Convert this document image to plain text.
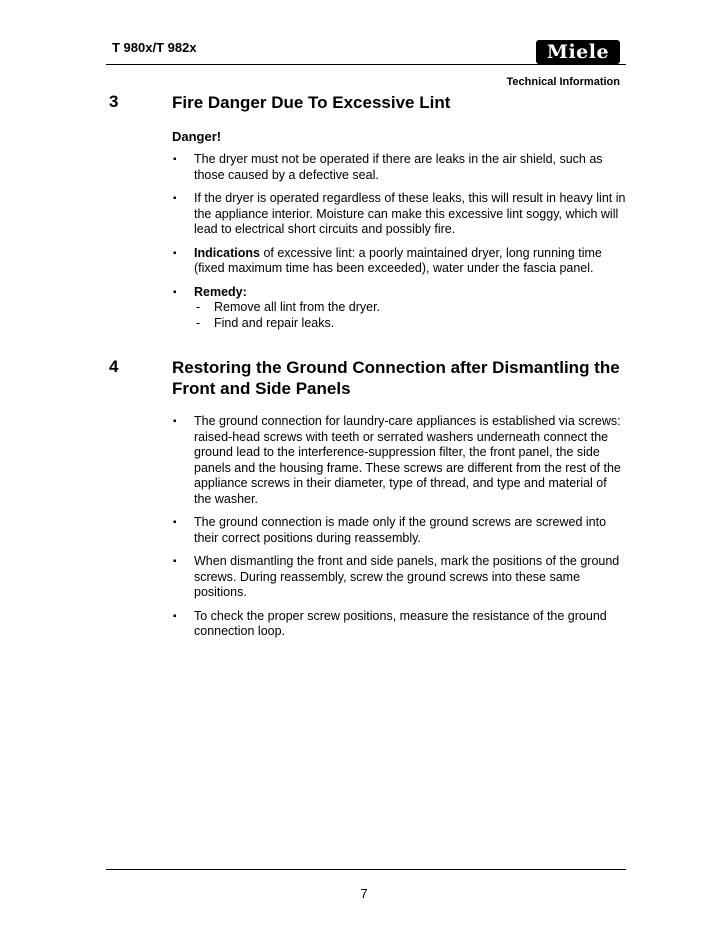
T 980x/T 982x	Miele
Technical Information
3	Fire Danger Due To Excessive Lint
Danger!
▪ The dryer must not be operated if there are leaks in the air shield, such as those caused by a defective seal.
▪ If the dryer is operated regardless of these leaks, this will result in heavy lint in the appliance interior. Moisture can make this excessive lint soggy, which will lead to electrical short circuits and possibly fire.
▪ Indications of excessive lint: a poorly maintained dryer, long running time (fixed maximum time has been exceeded), water under the fascia panel.
▪ Remedy:
- Remove all lint from the dryer.
- Find and repair leaks.
4	Restoring the Ground Connection after Dismantling the
Front and Side Panels
▪ The ground connection for laundry-care appliances is established via screws: raised-head screws with teeth or serrated washers underneath connect the ground lead to the interference-suppression filter, the front panel, the side panels and the housing frame. These screws are different from the rest of the appliance screws in their diameter, type of thread, and type and material of the washer.
▪ The ground connection is made only if the ground screws are screwed into their correct positions during reassembly.
▪ When dismantling the front and side panels, mark the positions of the ground screws. During reassembly, screw the ground screws into these same positions.
▪ To check the proper screw positions, measure the resistance of the ground connection loop.
7
